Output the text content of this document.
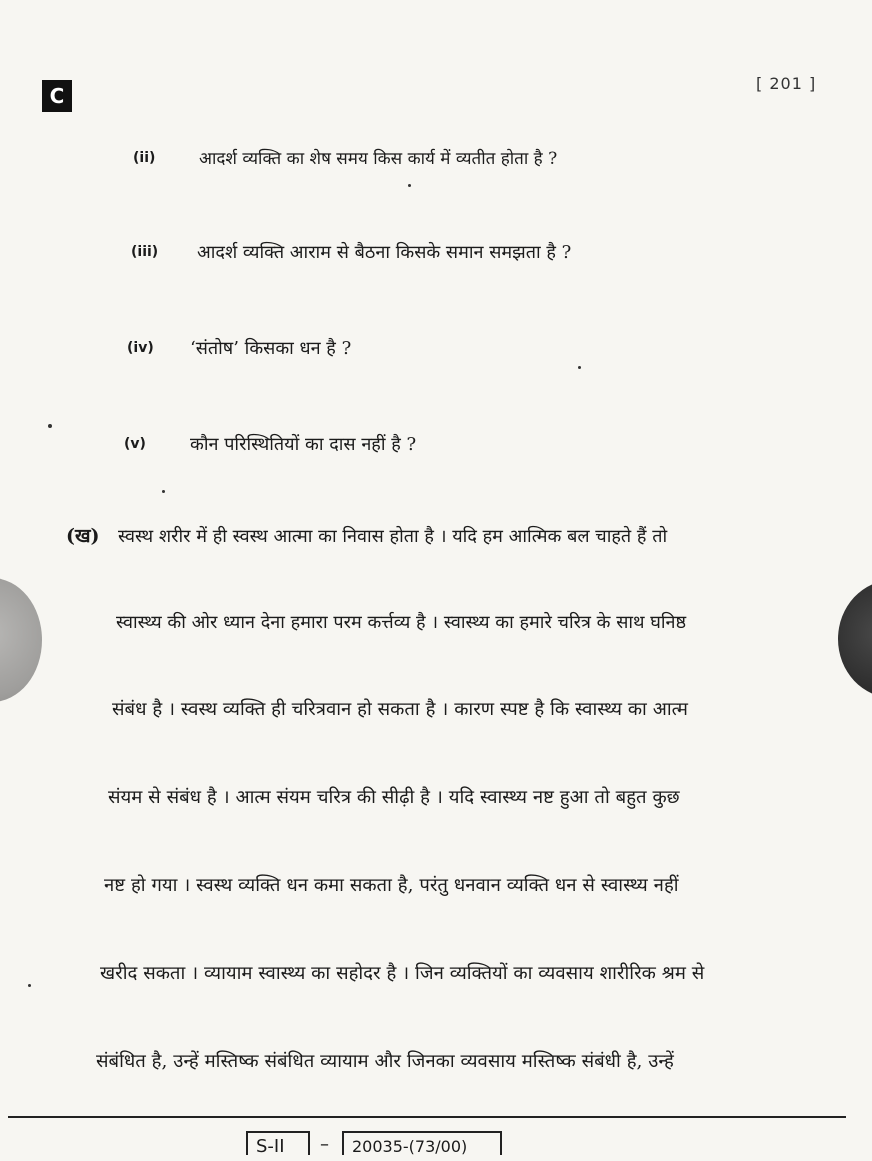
C
[ 201 ]
(ii)	आदर्श व्यक्ति का शेष समय किस कार्य में व्यतीत होता है ?
(iii) आदर्श व्यक्ति आराम से बैठना किसके समान समझता है ?
(iv) ‘संतोष’ किसका धन है ?
(v) कौन परिस्थितियों का दास नहीं है ?
(ख) स्वस्थ शरीर में ही स्वस्थ आत्मा का निवास होता है । यदि हम आत्मिक बल चाहते हैं तो
स्वास्थ्य की ओर ध्यान देना हमारा परम कर्त्तव्य है । स्वास्थ्य का हमारे चरित्र के साथ घनिष्ठ
संबंध है । स्वस्थ व्यक्ति ही चरित्रवान हो सकता है । कारण स्पष्ट है कि स्वास्थ्य का आत्म
संयम से संबंध है । आत्म संयम चरित्र की सीढ़ी है । यदि स्वास्थ्य नष्ट हुआ तो बहुत कुछ
नष्ट हो गया । स्वस्थ व्यक्ति धन कमा सकता है, परंतु धनवान व्यक्ति धन से स्वास्थ्य नहीं
खरीद सकता । व्यायाम स्वास्थ्य का सहोदर है । जिन व्यक्तियों का व्यवसाय शारीरिक श्रम से
संबंधित है, उन्हें मस्तिष्क संबंधित व्यायाम और जिनका व्यवसाय मस्तिष्क संबंधी है, उन्हें
S-II	–	20035-(73/00)
